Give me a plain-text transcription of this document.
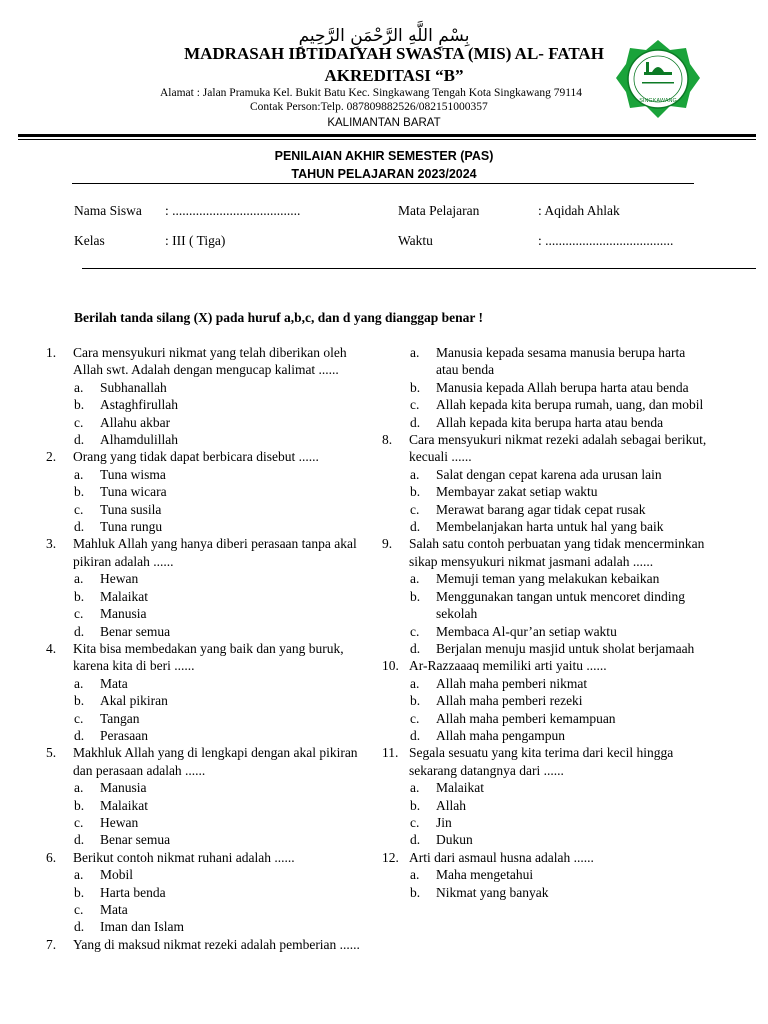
بِسْمِ اللَّهِ الرَّحْمَنِ الرَّحِيمِ
MADRASAH IBTIDAIYAH SWASTA (MIS) AL- FATAH
AKREDITASI “B”
Alamat : Jalan Pramuka Kel. Bukit Batu Kec. Singkawang Tengah Kota Singkawang 79114
Contak Person:Telp. 087809882526/082151000357
KALIMANTAN BARAT
SINGKAWANG
PENILAIAN AKHIR SEMESTER (PAS)
TAHUN PELAJARAN 2023/2024
Nama Siswa : ......................................	Mata Pelajaran	: Aqidah Ahlak
Kelas	: III ( Tiga)	Waktu	: ......................................
Berilah tanda silang (X) pada huruf a,b,c, dan d yang dianggap benar !
1. Cara mensyukuri nikmat yang telah diberikan oleh Allah swt. Adalah dengan mengucap kalimat ......
a. Subhanallah
b. Astaghfirullah
c. Allahu akbar
d. Alhamdulillah
2. Orang yang tidak dapat berbicara disebut ......
a. Tuna wisma
b. Tuna wicara
c. Tuna susila
d. Tuna rungu
3. Mahluk Allah yang hanya diberi perasaan tanpa akal pikiran adalah ......
a. Hewan
b. Malaikat
c. Manusia
d. Benar semua
4. Kita bisa membedakan yang baik dan yang buruk, karena kita di beri ......
a. Mata
b. Akal pikiran
c. Tangan
d. Perasaan
5. Makhluk Allah yang di lengkapi dengan akal pikiran dan perasaan adalah ......
a. Manusia
b. Malaikat
c. Hewan
d. Benar semua
6. Berikut contoh nikmat ruhani adalah ......
a. Mobil
b. Harta benda
c. Mata
d. Iman dan Islam
7. Yang di maksud nikmat rezeki adalah pemberian ......
a. Manusia kepada sesama manusia berupa harta atau benda
b. Manusia kepada Allah berupa harta atau benda
c. Allah kepada kita berupa rumah, uang, dan mobil
d. Allah kepada kita berupa harta atau benda
8. Cara mensyukuri nikmat rezeki adalah sebagai berikut, kecuali ......
a. Salat dengan cepat karena ada urusan lain
b. Membayar zakat setiap waktu
c. Merawat barang agar tidak cepat rusak
d. Membelanjakan harta untuk hal yang baik
9. Salah satu contoh perbuatan yang tidak mencerminkan sikap mensyukuri nikmat jasmani adalah ......
a. Memuji teman yang melakukan kebaikan
b. Menggunakan tangan untuk mencoret dinding sekolah
c. Membaca Al-qur’an setiap waktu
d. Berjalan menuju masjid untuk sholat berjamaah
10. Ar-Razzaaaq memiliki arti yaitu ......
a. Allah maha pemberi nikmat
b. Allah maha pemberi rezeki
c. Allah maha pemberi kemampuan
d. Allah maha pengampun
11. Segala sesuatu yang kita terima dari kecil hingga sekarang datangnya dari ......
a. Malaikat
b. Allah
c. Jin
d. Dukun
12. Arti dari asmaul husna adalah ......
a. Maha mengetahui
b. Nikmat yang banyak
